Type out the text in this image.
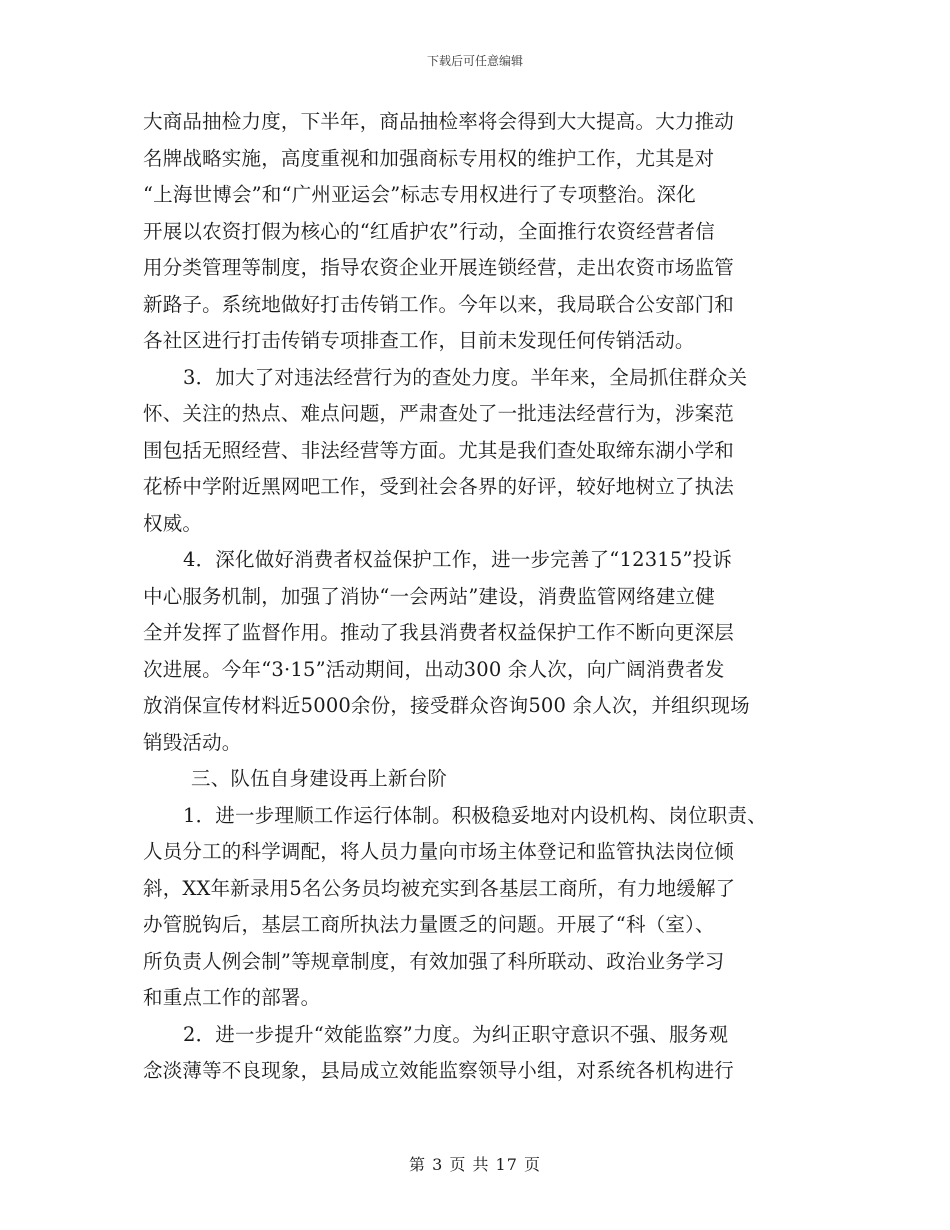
下载后可任意编辑
大商品抽检力度，下半年，商品抽检率将会得到大大提高。大力推动
名牌战略实施，高度重视和加强商标专用权的维护工作，尤其是对
“上海世博会”和“广州亚运会”标志专用权进行了专项整治。深化
开展以农资打假为核心的“红盾护农”行动，全面推行农资经营者信
用分类管理等制度，指导农资企业开展连锁经营，走出农资市场监管
新路子。系统地做好打击传销工作。今年以来，我局联合公安部门和
各社区进行打击传销专项排查工作，目前未发现任何传销活动。
3．加大了对违法经营行为的查处力度。半年来，全局抓住群众关
怀、关注的热点、难点问题，严肃查处了一批违法经营行为，涉案范
围包括无照经营、非法经营等方面。尤其是我们查处取缔东湖小学和
花桥中学附近黑网吧工作，受到社会各界的好评，较好地树立了执法
权威。
4．深化做好消费者权益保护工作，进一步完善了“12315”投诉
中心服务机制，加强了消协“一会两站”建设，消费监管网络建立健
全并发挥了监督作用。推动了我县消费者权益保护工作不断向更深层
次进展。今年“3·15”活动期间，出动300 余人次，向广阔消费者发
放消保宣传材料近5000余份，接受群众咨询500 余人次，并组织现场
销毁活动。
三、队伍自身建设再上新台阶
1．进一步理顺工作运行体制。积极稳妥地对内设机构、岗位职责、
人员分工的科学调配，将人员力量向市场主体登记和监管执法岗位倾
斜，XX年新录用5名公务员均被充实到各基层工商所，有力地缓解了
办管脱钩后，基层工商所执法力量匮乏的问题。开展了“科（室）、
所负责人例会制”等规章制度，有效加强了科所联动、政治业务学习
和重点工作的部署。
2．进一步提升“效能监察”力度。为纠正职守意识不强、服务观
念淡薄等不良现象，县局成立效能监察领导小组，对系统各机构进行
第 3 页 共 17 页
